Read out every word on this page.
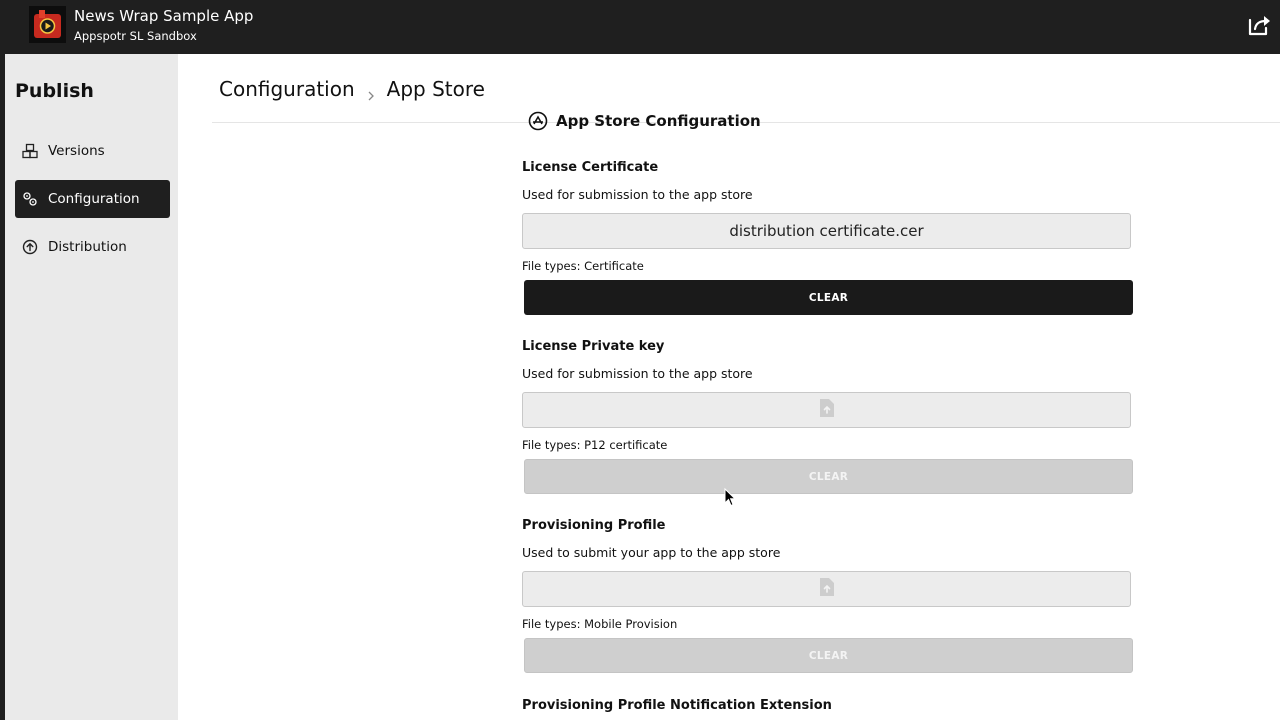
News Wrap Sample App
Appspotr SL Sandbox
Publish
Versions
Configuration
Distribution
Configuration App Store
App Store Configuration
License Certificate
Used for submission to the app store
distribution certificate.cer
File types: Certificate
CLEAR
License Private key
Used for submission to the app store
File types: P12 certificate
CLEAR
Provisioning Profile
Used to submit your app to the app store
File types: Mobile Provision
CLEAR
Provisioning Profile Notification Extension
